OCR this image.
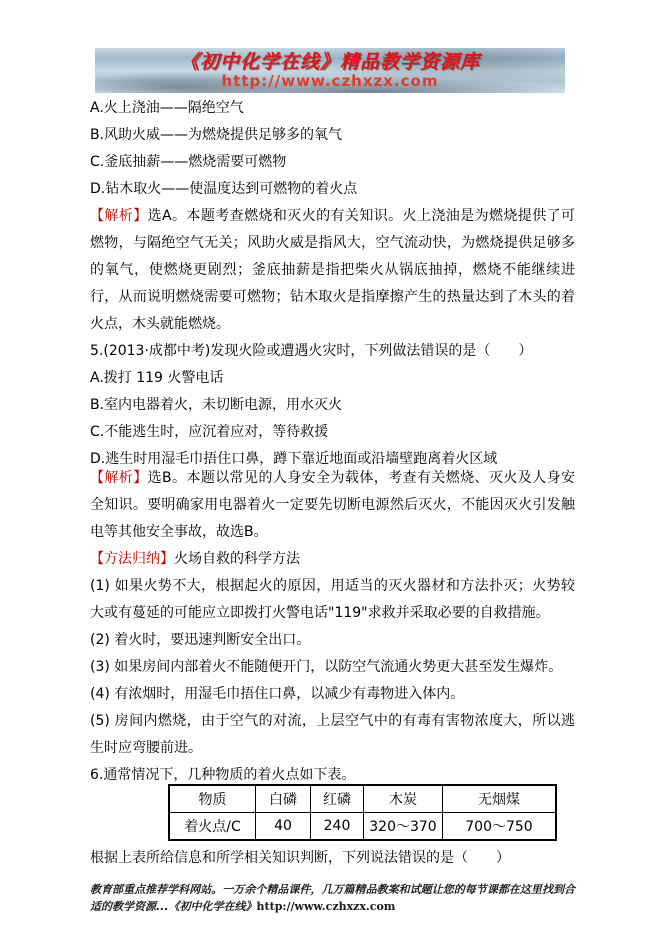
《初中化学在线》精品教学资源库
http://www.czhxzx.com

A.火上浇油——隔绝空气

B.风助火威——为燃烧提供足够多的氧气

C.釜底抽薪——燃烧需要可燃物

D.钻木取火——使温度达到可燃物的着火点

【解析】选A。本题考查燃烧和灭火的有关知识。火上浇油是为燃烧提供了可燃物，与隔绝空气无关；风助火威是指风大，空气流动快，为燃烧提供足够多的氧气，使燃烧更剧烈；釜底抽薪是指把柴火从锅底抽掉，燃烧不能继续进行，从而说明燃烧需要可燃物；钻木取火是指摩擦产生的热量达到了木头的着火点，木头就能燃烧。

5.(2013·成都中考)发现火险或遭遇火灾时，下列做法错误的是（　　）

A.拨打 119 火警电话

B.室内电器着火，未切断电源，用水灭火

C.不能逃生时，应沉着应对，等待救援

D.逃生时用湿毛巾捂住口鼻，蹲下靠近地面或沿墙壁跑离着火区域

【解析】选B。本题以常见的人身安全为载体，考查有关燃烧、灭火及人身安全知识。要明确家用电器着火一定要先切断电源然后灭火，不能因灭火引发触电等其他安全事故，故选B。

【方法归纳】火场自救的科学方法

(1) 如果火势不大，根据起火的原因，用适当的灭火器材和方法扑灭；火势较大或有蔓延的可能应立即拨打火警电话"119"求救并采取必要的自救措施。

(2) 着火时，要迅速判断安全出口。

(3) 如果房间内部着火不能随便开门，以防空气流通火势更大甚至发生爆炸。

(4) 有浓烟时，用湿毛巾捂住口鼻，以减少有毒物进入体内。

(5) 房间内燃烧，由于空气的对流，上层空气中的有毒有害物浓度大，所以逃生时应弯腰前进。

6.通常情况下，几种物质的着火点如下表。

物质	白磷	红磷	木炭	无烟煤
着火点/C	40	240	320～370	700～750

根据上表所给信息和所学相关知识判断，下列说法错误的是（　　）

教育部重点推荐学科网站。一万余个精品课件，几万篇精品教案和试题让您的每节课都在这里找到合适的教学资源...《初中化学在线》http://www.czhxzx.com
